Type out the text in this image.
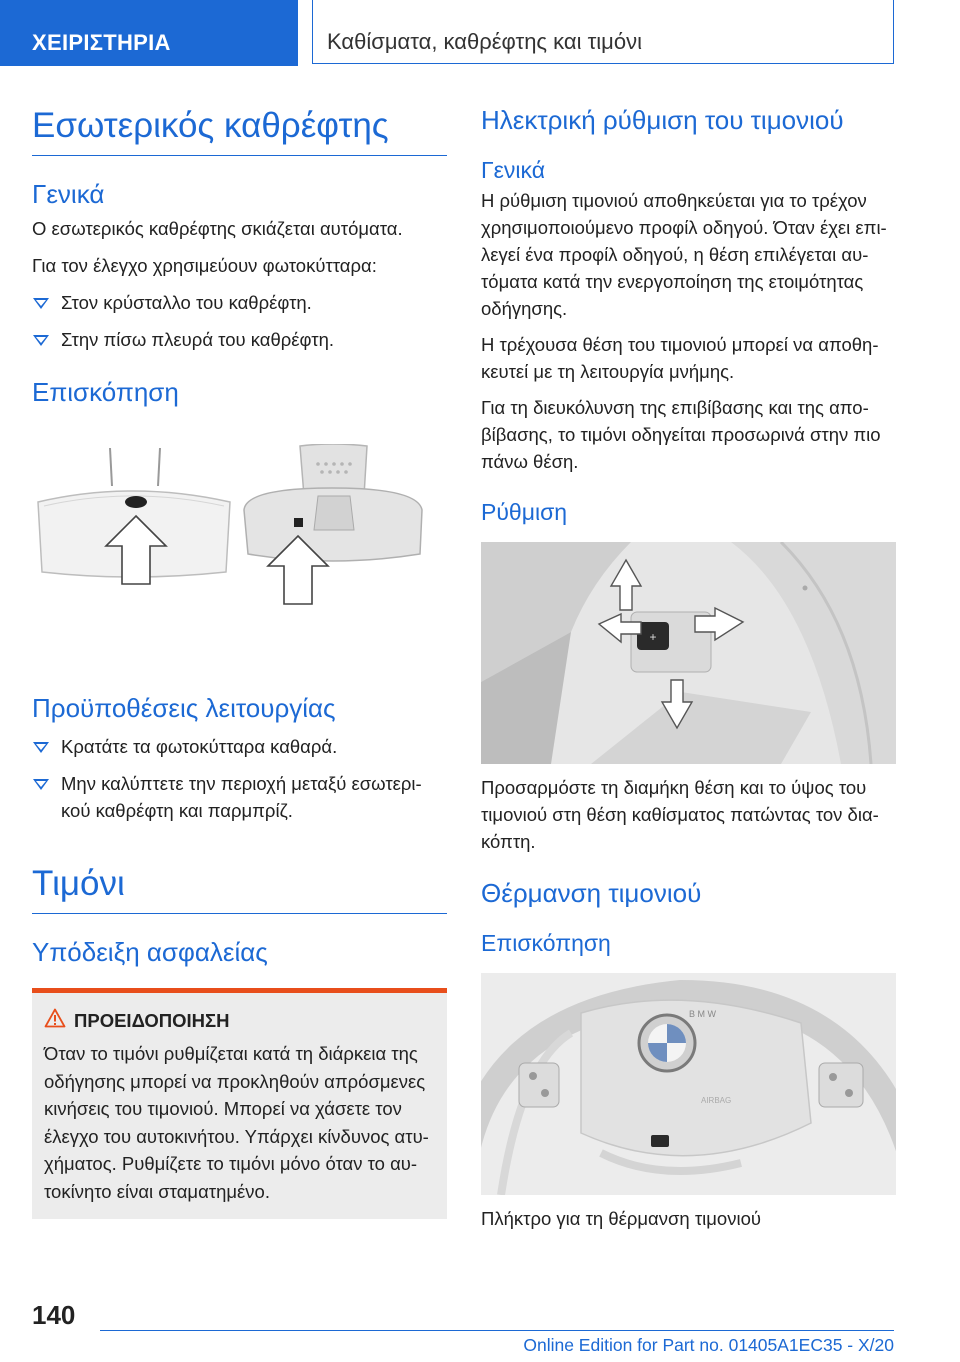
ΧΕΙΡΙΣΤΗΡΙΑ	Καθίσματα, καθρέφτης και τιμόνι
Εσωτερικός καθρέφτης
Γενικά

Ο εσωτερικός καθρέφτης σκιάζεται αυτόματα.

Για τον έλεγχο χρησιμεύουν φωτοκύτταρα:

Στον κρύσταλλο του καθρέφτη.
Στην πίσω πλευρά του καθρέφτη.
Επισκόπηση
Προϋποθέσεις λειτουργίας
Κρατάτε τα φωτοκύτταρα καθαρά.
Μην καλύπτετε την περιοχή μεταξύ εσωτερι-κού καθρέφτη και παρμπρίζ.
Τιμόνι
Υπόδειξη ασφαλείας
ΠΡΟΕΙΔΟΠΟΙΗΣΗ

Όταν το τιμόνι ρυθμίζεται κατά τη διάρκεια της οδήγησης μπορεί να προκληθούν απρόσμενες κινήσεις του τιμονιού. Μπορεί να χάσετε τον έλεγχο του αυτοκινήτου. Υπάρχει κίνδυνος ατυ-χήματος. Ρυθμίζετε το τιμόνι μόνο όταν το αυ-τοκίνητο είναι σταματημένο.

Ηλεκτρική ρύθμιση του τιμονιού
Γενικά

Η ρύθμιση τιμονιού αποθηκεύεται για το τρέχον χρησιμοποιούμενο προφίλ οδηγού. Όταν έχει επι-λεγεί ένα προφίλ οδηγού, η θέση επιλέγεται αυ-τόματα κατά την ενεργοποίηση της ετοιμότητας οδήγησης.

Η τρέχουσα θέση του τιμονιού μπορεί να αποθη-κευτεί με τη λειτουργία μνήμης.

Για τη διευκόλυνση της επιβίβασης και της απο-βίβασης, το τιμόνι οδηγείται προσωρινά στην πιο πάνω θέση.

Ρύθμιση
+

Προσαρμόστε τη διαμήκη θέση και το ύψος του τιμονιού στη θέση καθίσματος πατώντας τον δια-κόπτη.

Θέρμανση τιμονιού
Επισκόπηση
B M W
AIRBAG

Πλήκτρο για τη θέρμανση τιμονιού

140
Online Edition for Part no. 01405A1EC35 - X/20
